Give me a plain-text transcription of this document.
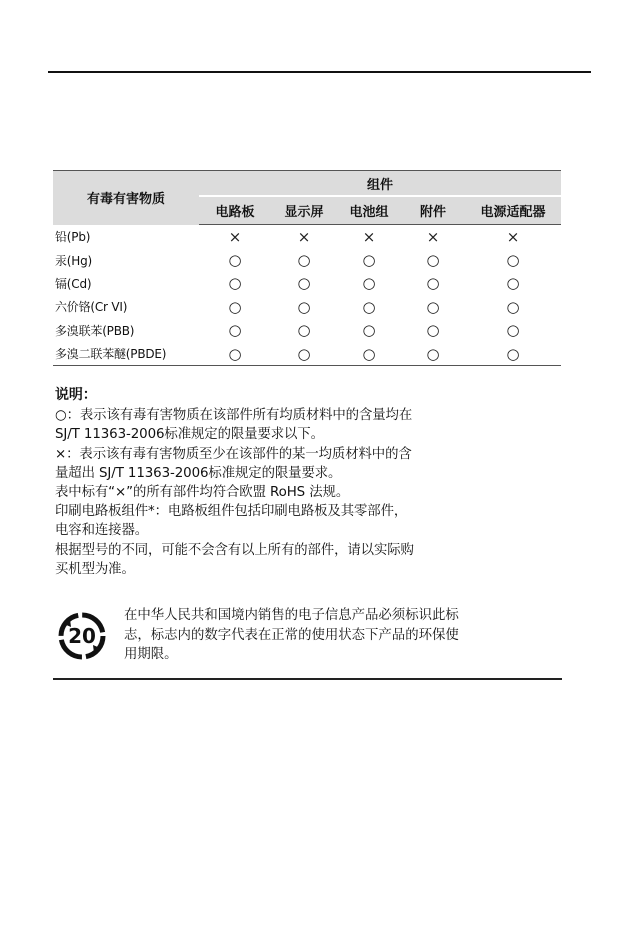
有毒有害物质	组件				
	电路板	显示屏	电池组	附件	电源适配器
铅(Pb)	×	×	×	×	×
汞(Hg)	○	○	○	○	○
镉(Cd)	○	○	○	○	○
六价铬(Cr VI)	○	○	○	○	○
多溴联苯(PBB)	○	○	○	○	○
多溴二联苯醚(PBDE)	○	○	○	○	○

说明：

○：表示该有毒有害物质在该部件所有均质材料中的含量均在

SJ/T 11363-2006标准规定的限量要求以下。

×：表示该有毒有害物质至少在该部件的某一均质材料中的含

量超出 SJ/T 11363-2006标准规定的限量要求。

表中标有“×”的所有部件均符合欧盟 RoHS 法规。

印刷电路板组件*：电路板组件包括印刷电路板及其零部件，

电容和连接器。

根据型号的不同，可能不会含有以上所有的部件，请以实际购

买机型为准。

20
在中华人民共和国境内销售的电子信息产品必须标识此标
志，标志内的数字代表在正常的使用状态下产品的环保使
用期限。
